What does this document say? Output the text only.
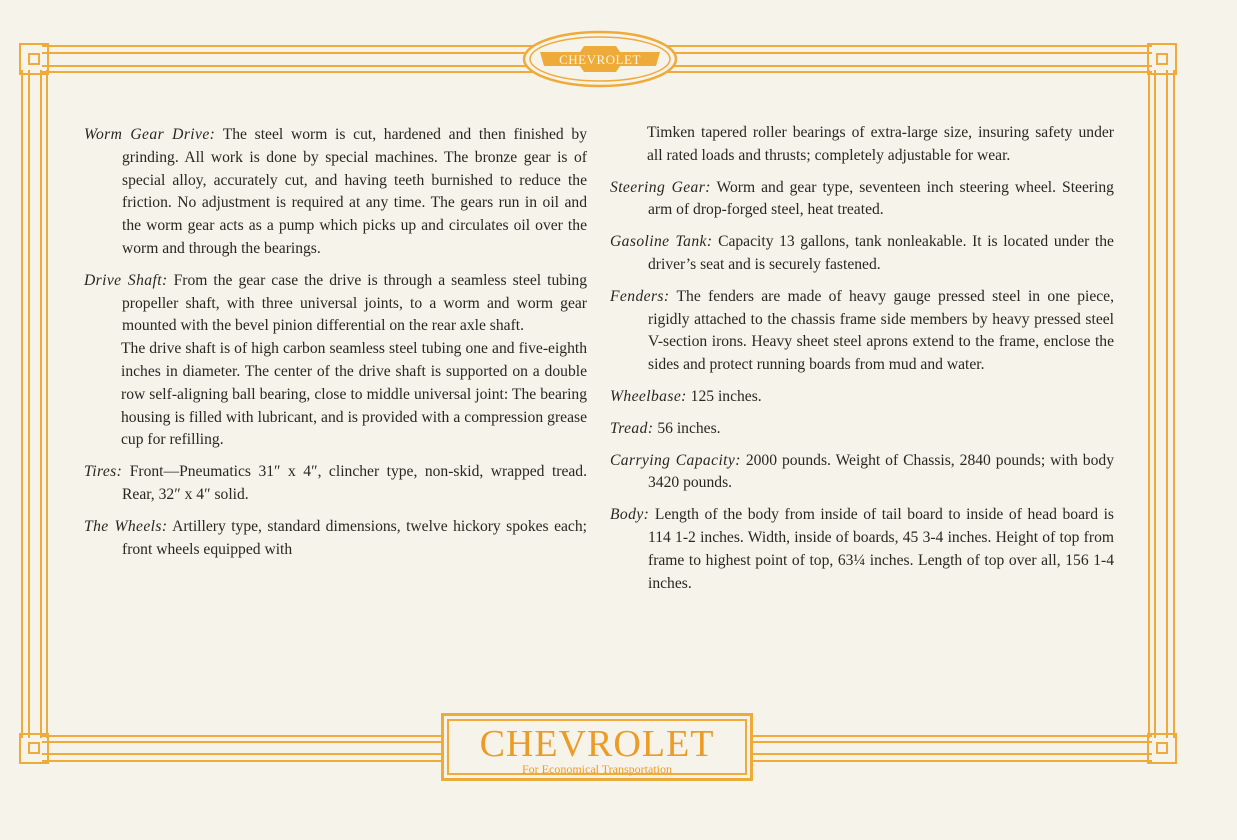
CHEVROLET

Worm Gear Drive: The steel worm is cut, hardened and then finished by grinding. All work is done by special machines. The bronze gear is of special alloy, accurately cut, and having teeth burnished to reduce the friction. No adjustment is required at any time. The gears run in oil and the worm gear acts as a pump which picks up and circulates oil over the worm and through the bearings.

Drive Shaft: From the gear case the drive is through a seamless steel tubing propeller shaft, with three universal joints, to a worm and worm gear mounted with the bevel pinion differential on the rear axle shaft.

The drive shaft is of high carbon seamless steel tubing one and five-eighth inches in diameter. The center of the drive shaft is supported on a double row self-aligning ball bearing, close to middle universal joint: The bearing housing is filled with lubricant, and is provided with a compression grease cup for refilling.

Tires: Front—Pneumatics 31″ x 4″, clincher type, non-skid, wrapped tread. Rear, 32″ x 4″ solid.

The Wheels: Artillery type, standard dimensions, twelve hickory spokes each; front wheels equipped with

Timken tapered roller bearings of extra-large size, insuring safety under all rated loads and thrusts; completely adjustable for wear.

Steering Gear: Worm and gear type, seventeen inch steering wheel. Steering arm of drop-forged steel, heat treated.

Gasoline Tank: Capacity 13 gallons, tank nonleakable. It is located under the driver’s seat and is securely fastened.

Fenders: The fenders are made of heavy gauge pressed steel in one piece, rigidly attached to the chassis frame side members by heavy pressed steel V-section irons. Heavy sheet steel aprons extend to the frame, enclose the sides and protect running boards from mud and water.

Wheelbase: 125 inches.

Tread: 56 inches.

Carrying Capacity: 2000 pounds. Weight of Chassis, 2840 pounds; with body 3420 pounds.

Body: Length of the body from inside of tail board to inside of head board is 114 1-2 inches. Width, inside of boards, 45 3-4 inches. Height of top from frame to highest point of top, 63¼ inches. Length of top over all, 156 1-4 inches.

CHEVROLET
For Economical Transportation
